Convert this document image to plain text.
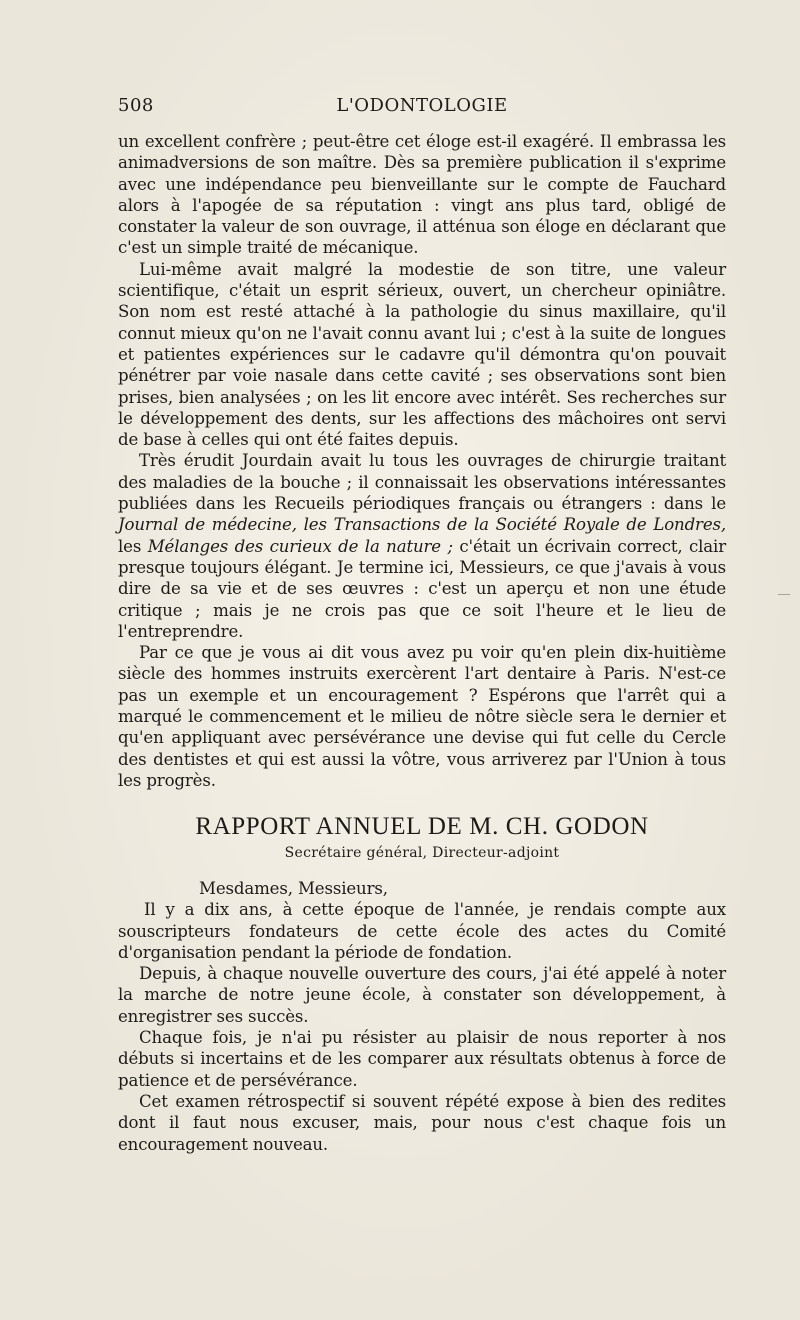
508	L'ODONTOLOGIE

un excellent confrère ; peut-être cet éloge est-il exagéré. Il embrassa les animadversions de son maître. Dès sa première publication il s'exprime avec une indépendance peu bienveillante sur le compte de Fauchard alors à l'apogée de sa réputation : vingt ans plus tard, obligé de constater la valeur de son ouvrage, il atténua son éloge en déclarant que c'est un simple traité de mécanique.

Lui-même avait malgré la modestie de son titre, une valeur scientifique, c'était un esprit sérieux, ouvert, un chercheur opiniâtre. Son nom est resté attaché à la pathologie du sinus maxillaire, qu'il connut mieux qu'on ne l'avait connu avant lui ; c'est à la suite de longues et patientes expériences sur le cadavre qu'il démontra qu'on pouvait pénétrer par voie nasale dans cette cavité ; ses observations sont bien prises, bien analysées ; on les lit encore avec intérêt. Ses recherches sur le développement des dents, sur les affections des mâchoires ont servi de base à celles qui ont été faites depuis.

Très érudit Jourdain avait lu tous les ouvrages de chirurgie traitant des maladies de la bouche ; il connaissait les observations intéressantes publiées dans les Recueils périodiques français ou étrangers : dans le Journal de médecine, les Transactions de la Société Royale de Londres, les Mélanges des curieux de la nature ; c'était un écrivain correct, clair presque toujours élégant. Je termine ici, Messieurs, ce que j'avais à vous dire de sa vie et de ses œuvres : c'est un aperçu et non une étude critique ; mais je ne crois pas que ce soit l'heure et le lieu de l'entreprendre.

Par ce que je vous ai dit vous avez pu voir qu'en plein dix-huitième siècle des hommes instruits exercèrent l'art dentaire à Paris. N'est-ce pas un exemple et un encouragement ? Espérons que l'arrêt qui a marqué le commencement et le milieu de nôtre siècle sera le dernier et qu'en appliquant avec persévérance une devise qui fut celle du Cercle des dentistes et qui est aussi la vôtre, vous arriverez par l'Union à tous les progrès.

RAPPORT ANNUEL DE M. CH. GODON
Secrétaire général, Directeur-adjoint

Mesdames, Messieurs,

Il y a dix ans, à cette époque de l'année, je rendais compte aux souscripteurs fondateurs de cette école des actes du Comité d'organisation pendant la période de fondation.

Depuis, à chaque nouvelle ouverture des cours, j'ai été appelé à noter la marche de notre jeune école, à constater son développement, à enregistrer ses succès.

Chaque fois, je n'ai pu résister au plaisir de nous reporter à nos débuts si incertains et de les comparer aux résultats obtenus à force de patience et de persévérance.

Cet examen rétrospectif si souvent répété expose à bien des redites dont il faut nous excuser, mais, pour nous c'est chaque fois un encouragement nouveau.
